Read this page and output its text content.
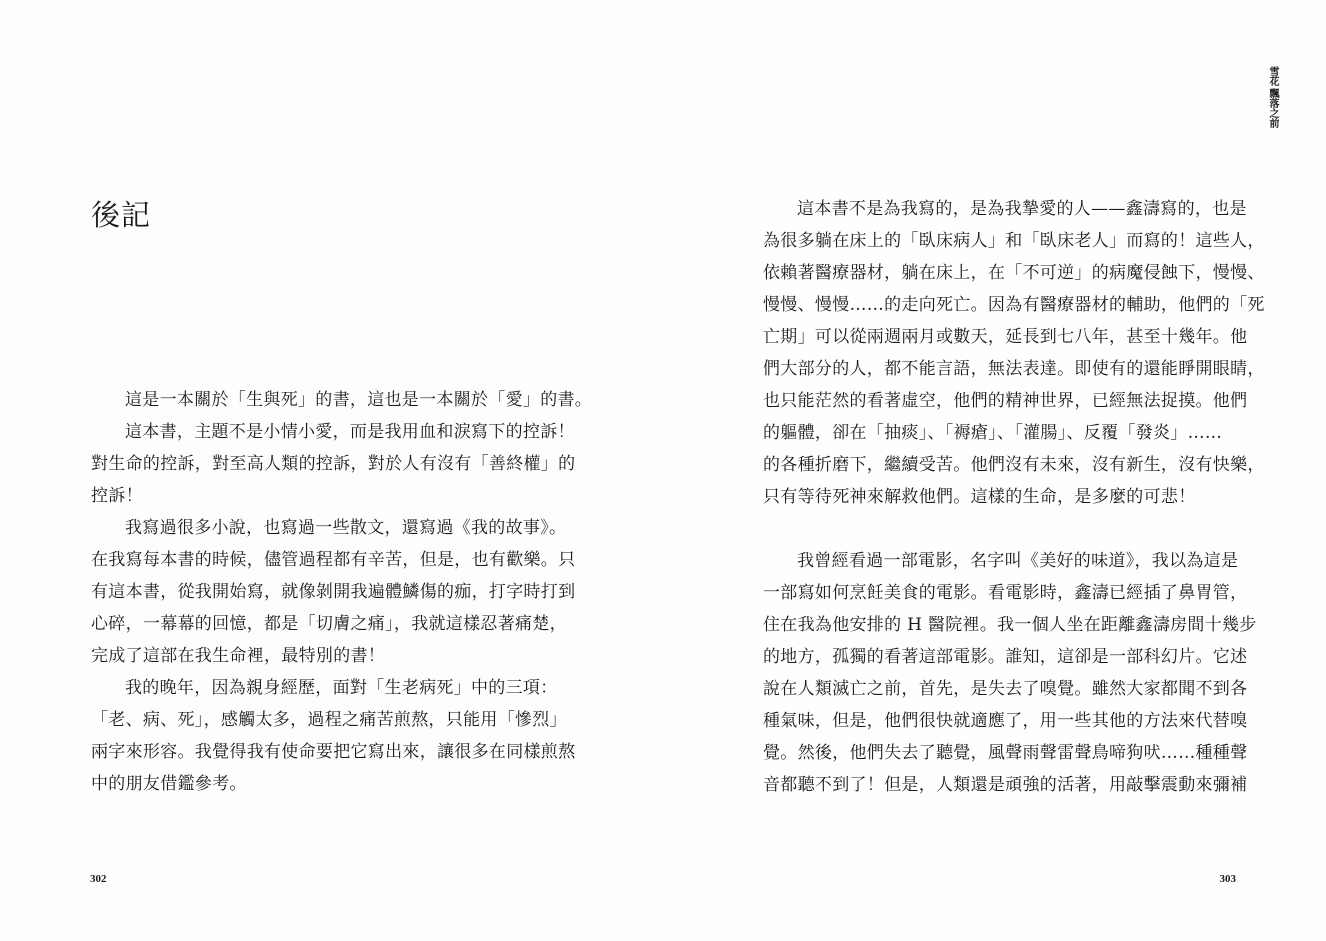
後記
這是一本關於「生與死」的書，這也是一本關於「愛」的書。
這本書，主題不是小情小愛，而是我用血和淚寫下的控訴！
對生命的控訴，對至高人類的控訴，對於人有沒有「善終權」的
控訴！
我寫過很多小說，也寫過一些散文，還寫過《我的故事》。
在我寫每本書的時候，儘管過程都有辛苦，但是，也有歡樂。只
有這本書，從我開始寫，就像剝開我遍體鱗傷的痂，打字時打到
心碎，一幕幕的回憶，都是「切膚之痛」，我就這樣忍著痛楚，
完成了這部在我生命裡，最特別的書！
我的晚年，因為親身經歷，面對「生老病死」中的三項：
「老、病、死」，感觸太多，過程之痛苦煎熬，只能用「慘烈」
兩字來形容。我覺得我有使命要把它寫出來，讓很多在同樣煎熬
中的朋友借鑑參考。
302
雪花
飄落之前
這本書不是為我寫的，是為我摯愛的人——鑫濤寫的，也是
為很多躺在床上的「臥床病人」和「臥床老人」而寫的！這些人，
依賴著醫療器材，躺在床上，在「不可逆」的病魔侵蝕下，慢慢、
慢慢、慢慢……的走向死亡。因為有醫療器材的輔助，他們的「死
亡期」可以從兩週兩月或數天，延長到七八年，甚至十幾年。他
們大部分的人，都不能言語，無法表達。即使有的還能睜開眼睛，
也只能茫然的看著虛空，他們的精神世界，已經無法捉摸。他們
的軀體，卻在「抽痰」、「褥瘡」、「灌腸」、反覆「發炎」……
的各種折磨下，繼續受苦。他們沒有未來，沒有新生，沒有快樂，
只有等待死神來解救他們。這樣的生命，是多麼的可悲！
我曾經看過一部電影，名字叫《美好的味道》，我以為這是
一部寫如何烹飪美食的電影。看電影時，鑫濤已經插了鼻胃管，
住在我為他安排的 H 醫院裡。我一個人坐在距離鑫濤房間十幾步
的地方，孤獨的看著這部電影。誰知，這卻是一部科幻片。它述
說在人類滅亡之前，首先，是失去了嗅覺。雖然大家都聞不到各
種氣味，但是，他們很快就適應了，用一些其他的方法來代替嗅
覺。然後，他們失去了聽覺，風聲雨聲雷聲鳥啼狗吠……種種聲
音都聽不到了！但是，人類還是頑強的活著，用敲擊震動來彌補
303
